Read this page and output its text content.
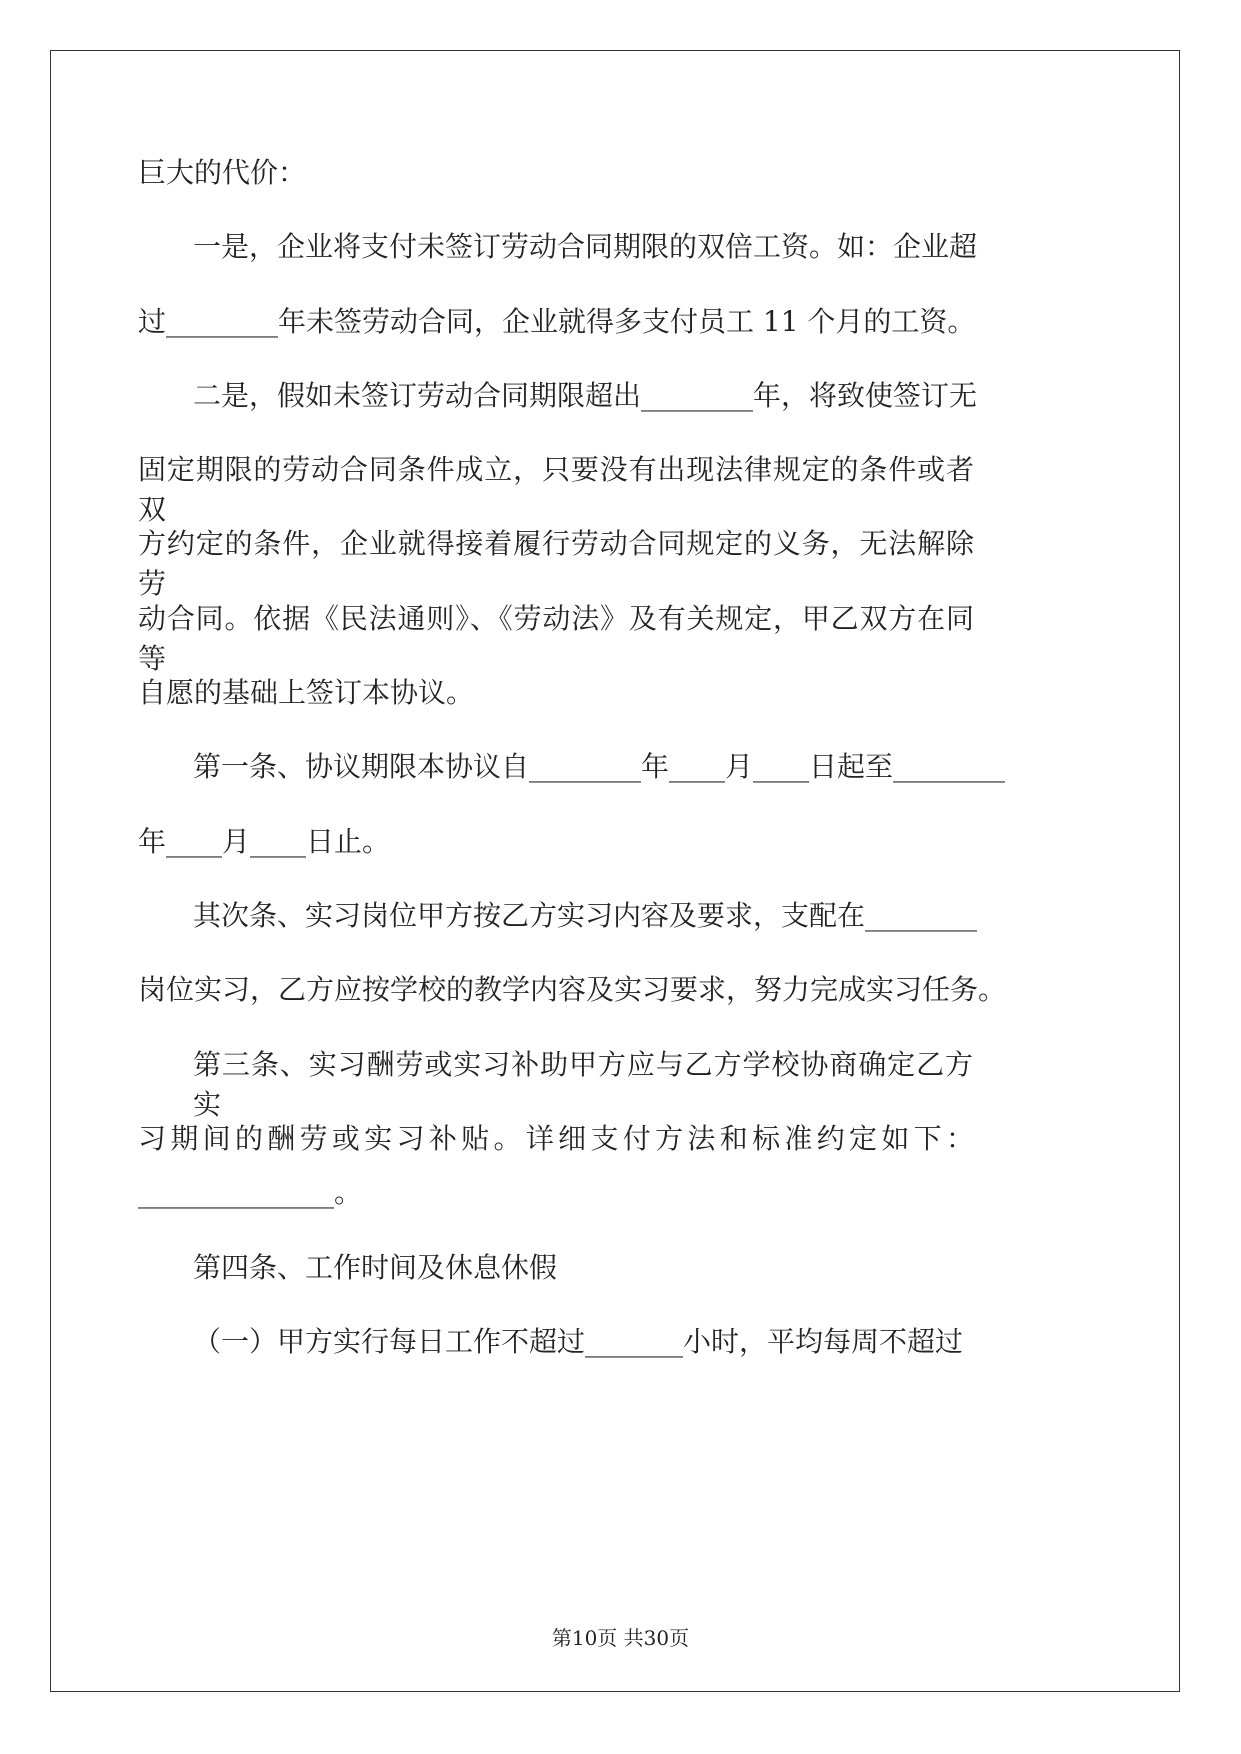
巨大的代价：
一是，企业将支付未签订劳动合同期限的双倍工资。如：企业超
过________年未签劳动合同，企业就得多支付员工 11 个月的工资。
二是，假如未签订劳动合同期限超出________年，将致使签订无
固定期限的劳动合同条件成立，只要没有出现法律规定的条件或者双
方约定的条件，企业就得接着履行劳动合同规定的义务，无法解除劳
动合同。依据《民法通则》、《劳动法》及有关规定，甲乙双方在同等
自愿的基础上签订本协议。
第一条、协议期限本协议自________年____月____日起至________
年____月____日止。
其次条、实习岗位甲方按乙方实习内容及要求，支配在________
岗位实习，乙方应按学校的教学内容及实习要求，努力完成实习任务。
第三条、实习酬劳或实习补助甲方应与乙方学校协商确定乙方实
习期间的酬劳或实习补贴。详细支付方法和标准约定如下：
______________。
第四条、工作时间及休息休假
（一）甲方实行每日工作不超过_______小时，平均每周不超过
第10页 共30页
